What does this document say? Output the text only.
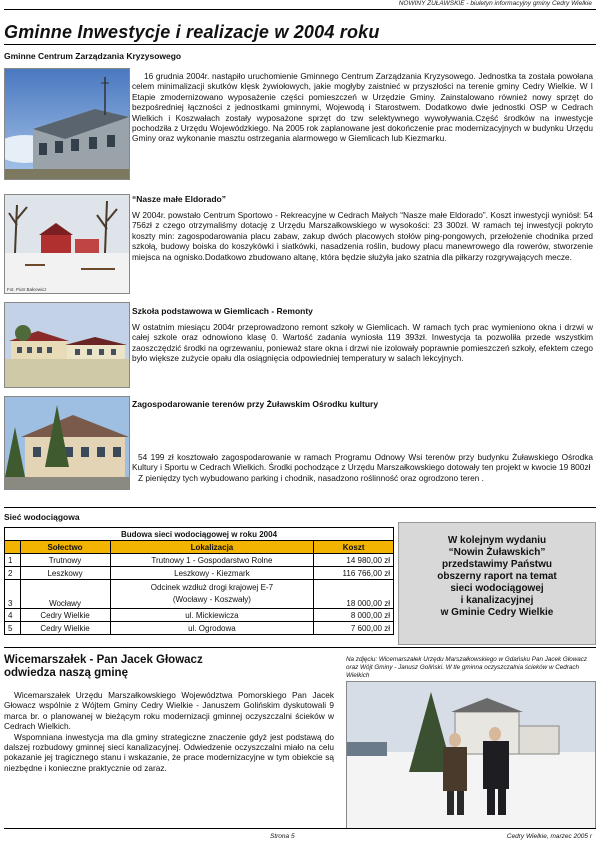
NOWINY ŻUŁAWSKIE - biuletyn informacyjny gminy Cedry Wielkie
Gminne Inwestycje i realizacje w 2004 roku
Gminne Centrum Zarządzania Kryzysowego
16 grudnia 2004r. nastąpiło uruchomienie Gminnego Centrum Zarządzania Kryzysowego. Jednostka ta została powołana celem minimalizacji skutków klęsk żywiołowych, jakie mogłyby zaistnieć w przyszłości na terenie gminy Cedry Wielkie. W I Etapie zmodernizowano wyposażenie części pomieszczeń w Urzędzie Gminy. Zainstalowano również nowy sprzęt do bezpośredniej łączności z jednostkami gminnymi, Wojewodą i Starostwem. Dodatkowo dwie jednostki OSP w Cedrach Wielkich i Koszwałach zostały wyposażone sprzęt do tzw selektywnego wywoływania.Część środków na inwestycje pochodziła z Urzędu Wojewódzkiego. Na 2005 rok zaplanowane jest dokończenie prac modernizacyjnych w budynku Urzędu Gminy oraz wykonanie masztu ostrzegania alarmowego w Giemlicach lub Kiezmarku.
“Nasze małe Eldorado”
Fot. Piotr Bałcewicz
W 2004r. powstało Centrum Sportowo - Rekreacyjne w Cedrach Małych “Nasze małe Eldorado”. Koszt inwestycji wyniósł: 54 756zł z czego otrzymaliśmy dotację z Urzędu Marszałkowskiego w wysokości: 23 300zł. W ramach tej inwestycji pokryto koszty min: zagospodarowania placu zabaw, zakup dwóch placowych stołów ping-pongowych, przełożenie chodnika przed szkołą, budowy boiska do koszykówki i siatkówki, nasadzenia roślin, budowy placu manewrowego dla rowerów, stworzenie miejsca na ognisko.Dodatkowo zbudowano altanę, która będzie służyła jako szatnia dla piłkarzy rozgrywających mecze.
Szkoła podstawowa w Giemlicach - Remonty
W ostatnim miesiącu 2004r przeprowadzono remont szkoły w Giemlicach. W ramach tych prac wymieniono okna i drzwi w całej szkole oraz odnowiono klasę 0. Wartość zadania wyniosła 119 393zł. Inwestycja ta pozwoliła przede wszystkim zaoszczędzić środki na ogrzewaniu, ponieważ stare okna i drzwi nie izolowały poprawnie pomieszczeń szkoły, efektem czego było większe zużycie opału dla osiągnięcia odpowiedniej temperatury w salach lekcyjnych.
Zagospodarowanie terenów przy Żuławskim Ośrodku kultury
54 199 zł kosztowało zagospodarowanie w ramach Programu Odnowy Wsi terenów przy budynku Żuławskiego Ośrodka Kultury i Sportu w Cedrach Wielkich. Środki pochodzące z Urzędu Marszałkowskiego dotowały ten projekt w kwocie 19 800zł
Z pieniędzy tych wybudowano parking i chodnik, nasadzono roślinność oraz ogrodzono teren .
Sieć wodociągowa
Budowa sieci wodociągowej w roku 2004			
	Sołectwo	Lokalizacja	Koszt
1	Trutnowy	Trutnowy 1 - Gospodarstwo Rolne	14 980,00 zł
2	Leszkowy	Leszkowy - Kiezmark	116 766,00 zł
3	Wocławy	Odcinek wzdłuż drogi krajowej E-7
(Wocławy - Koszwały)	18 000,00 zł
4	Cedry Wielkie	ul. Mickiewicza	8 000,00 zł
5	Cedry Wielkie	ul. Ogrodowa	7 600,00 zł
W kolejnym wydaniu
“Nowin Żuławskich”
przedstawimy Państwu
obszerny raport na temat
sieci wodociągowej
i kanalizacyjnej
w Gminie Cedry Wielkie
Wicemarszałek - Pan Jacek Głowacz
odwiedza naszą gminę
Wicemarszałek Urzędu Marszałkowskiego Województwa Pomorskiego Pan Jacek Głowacz wspólnie z Wójtem Gminy Cedry Wielkie - Januszem Golińskim dyskutowali 9 marca br. o planowanej w bieżącym roku modernizacji gminnej oczyszczalni ścieków w Cedrach Wielkich.
Wspomniana inwestycja ma dla gminy strategiczne znaczenie gdyż jest podstawą do dalszej rozbudowy gminnej sieci kanalizacyjnej. Odwiedzenie oczyszczalni miało na celu pokazanie jej tragicznego stanu i wskazanie, że prace modernizacyjne w tym obiekcie są niezbędne i konieczne praktycznie od zaraz.
Na zdjęciu: Wicemarszałek Urzędu Marszałkowskiego w Gdańsku Pan Jacek Głowacz oraz Wójt Gminy - Janusz Goliński. W tle gminna oczyszczalnia ścieków w Cedrach Wielkich
Strona 5	Cedry Wielkie, marzec 2005 r
